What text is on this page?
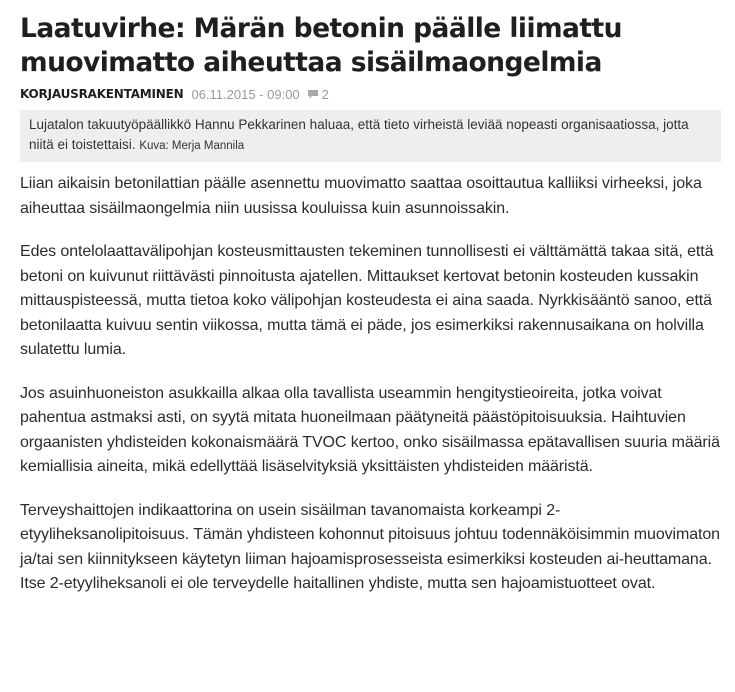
Laatuvirhe: Märän betonin päälle liimattu muovimatto aiheuttaa sisäilmaongelmia
KORJAUSRAKENTAMINEN 06.11.2015 - 09:00 2
Lujatalon takuutyöpäällikkö Hannu Pekkarinen haluaa, että tieto virheistä leviää nopeasti organisaatiossa, jotta niitä ei toistettaisi. Kuva: Merja Mannila

Liian aikaisin betonilattian päälle asennettu muovimatto saattaa osoittautua kalliiksi virheeksi, joka aiheuttaa sisäilmaongelmia niin uusissa kouluissa kuin asunnoissakin.

Edes ontelolaattavälipohjan kosteusmittausten tekeminen tunnollisesti ei välttämättä takaa sitä, että betoni on kuivunut riittävästi pinnoitusta ajatellen. Mittaukset kertovat betonin kosteuden kussakin mittauspisteessä, mutta tietoa koko välipohjan kosteudesta ei aina saada. Nyrkkisääntö sanoo, että betonilaatta kuivuu sentin viikossa, mutta tämä ei päde, jos esimerkiksi rakennusaikana on holvilla sulatettu lumia.

Jos asuinhuoneiston asukkailla alkaa olla tavallista useammin hengitystieoireita, jotka voivat pahentua astmaksi asti, on syytä mitata huoneilmaan päätyneitä päästöpitoisuuksia. Haihtuvien orgaanisten yhdisteiden kokonaismäärä TVOC kertoo, onko sisäilmassa epätavallisen suuria määriä kemiallisia aineita, mikä edellyttää lisäselvityksiä yksittäisten yhdisteiden määristä.

Terveyshaittojen indikaattorina on usein sisäilman tavanomaista korkeampi 2-etyyliheksanolipitoisuus. Tämän yhdisteen kohonnut pitoisuus johtuu todennäköisimmin muovimaton ja/tai sen kiinnitykseen käytetyn liiman hajoamisprosesseista esimerkiksi kosteuden ai-heuttamana. Itse 2-etyyliheksanoli ei ole terveydelle haitallinen yhdiste, mutta sen hajoamistuotteet ovat.
